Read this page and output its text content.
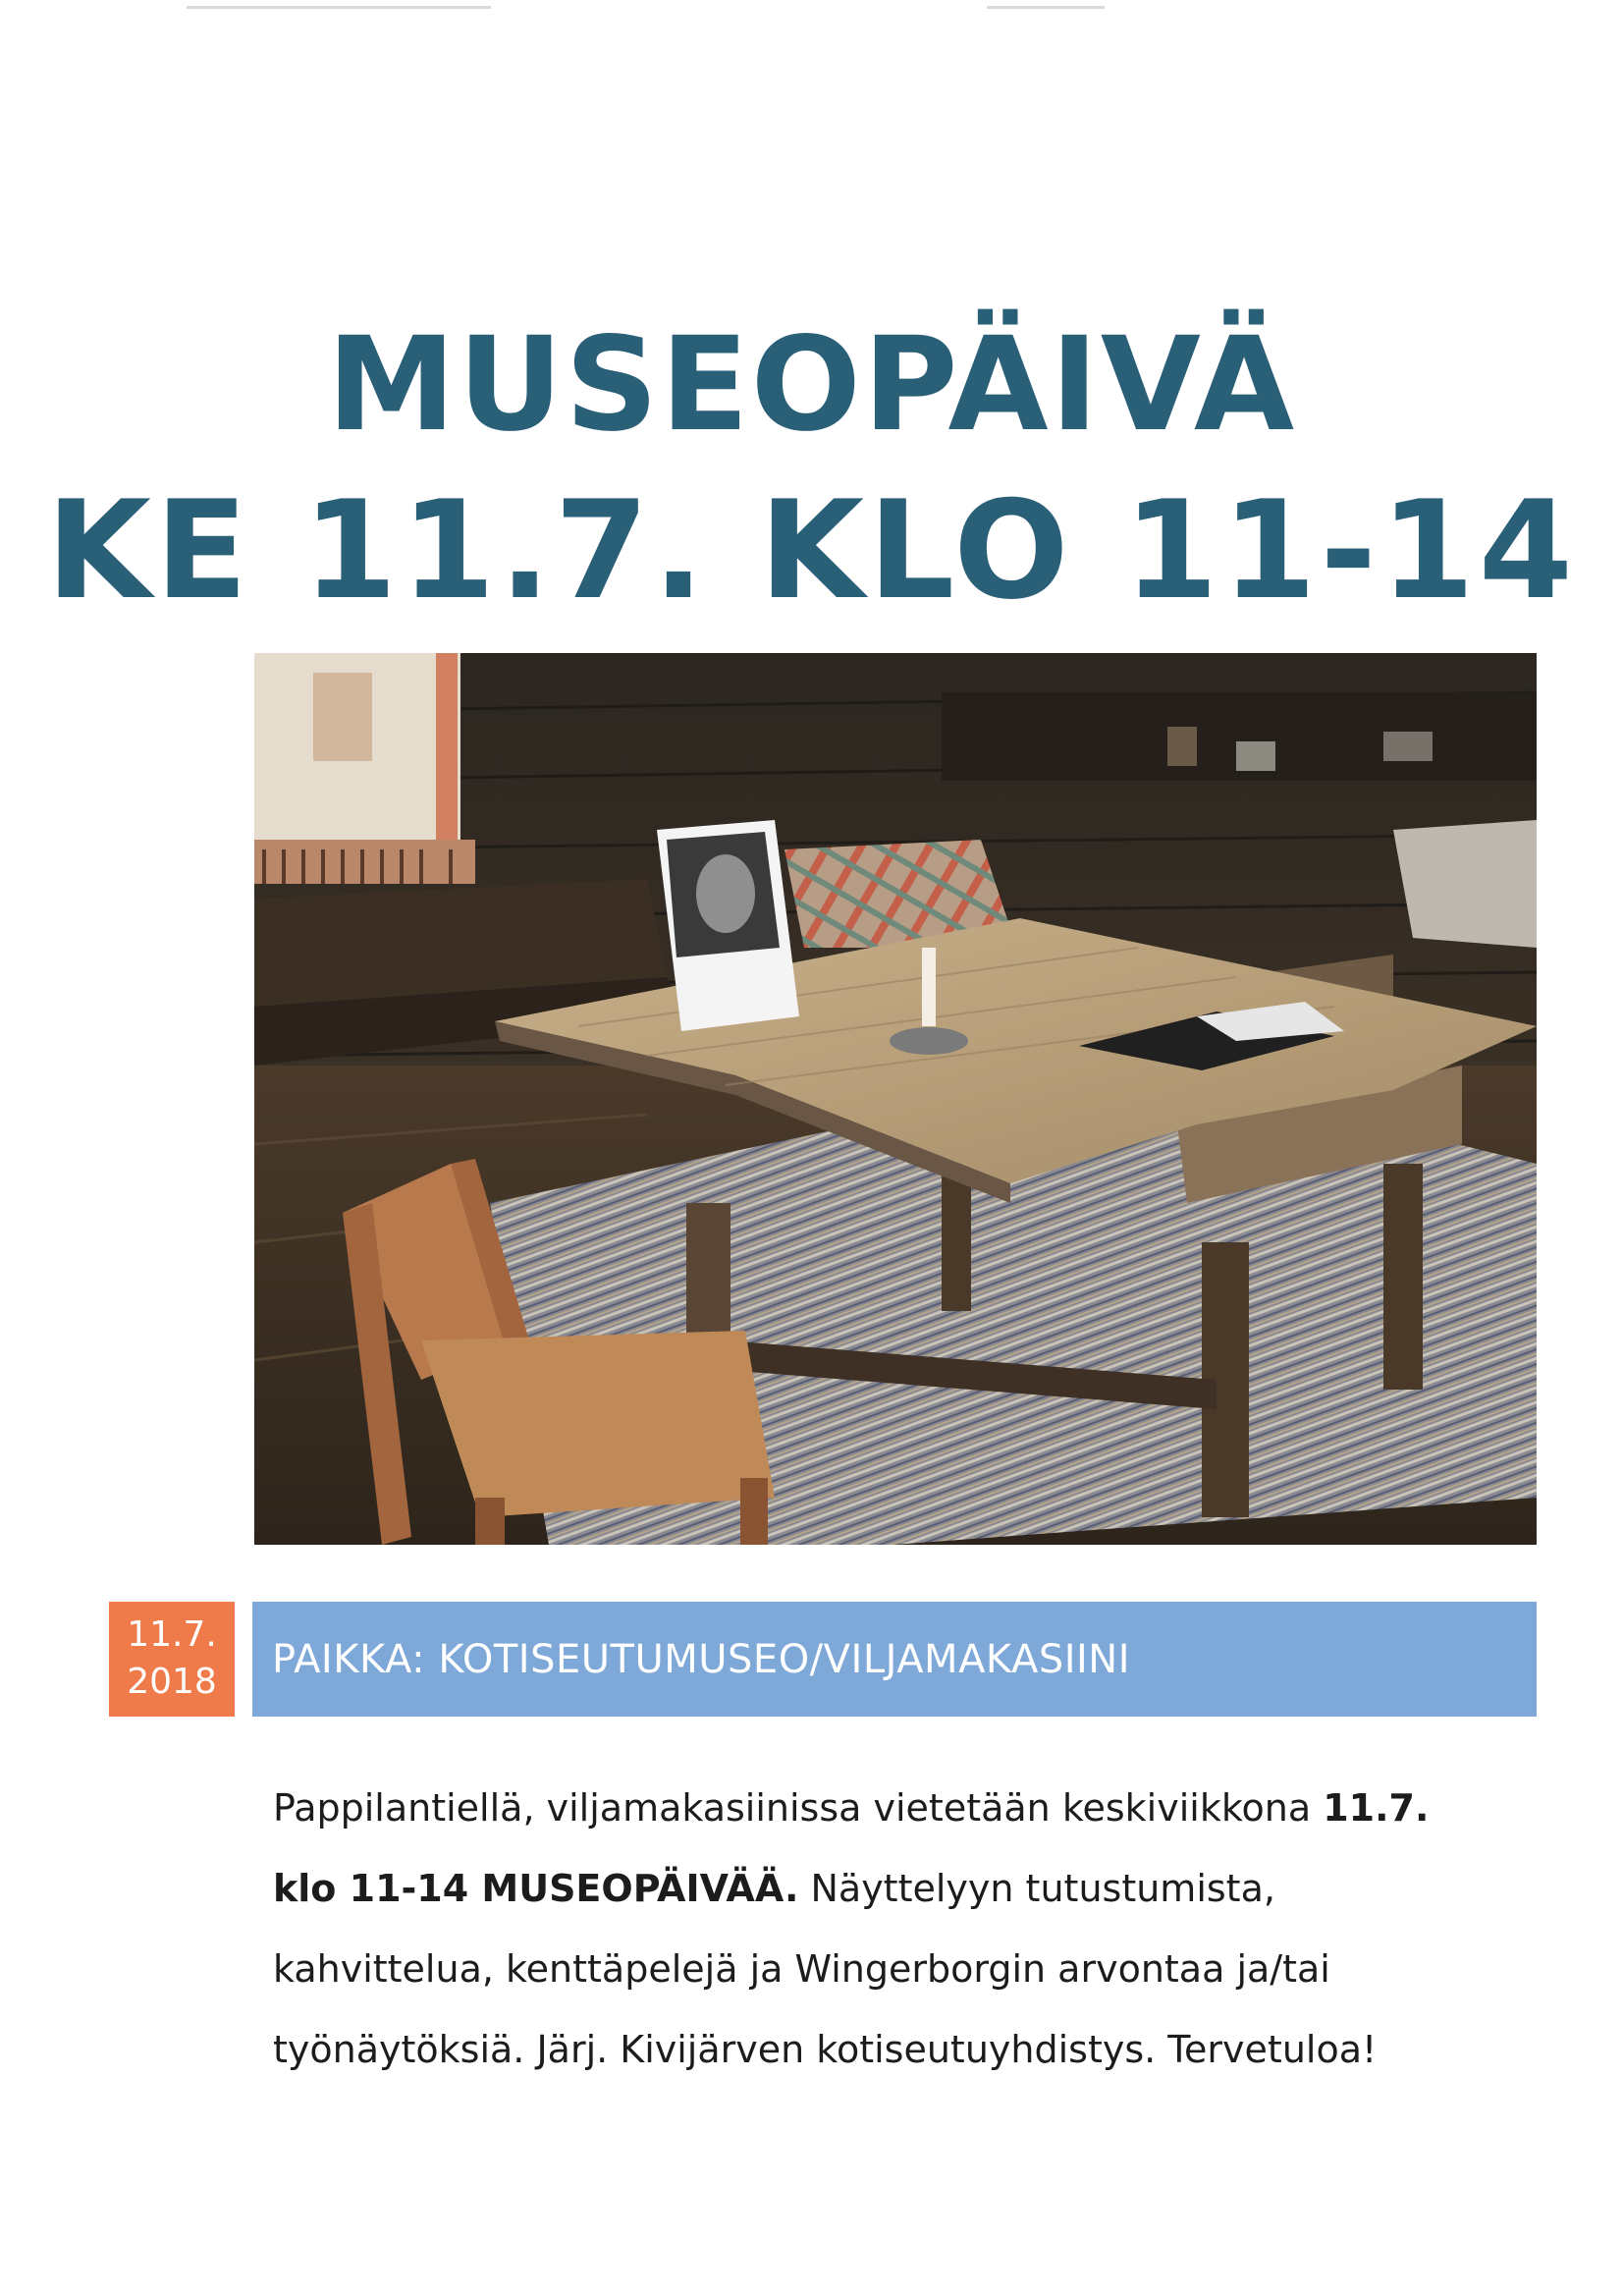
MUSEOPÄIVÄ
KE 11.7. KLO 11-14
11.7.
2018	PAIKKA: KOTISEUTUMUSEO/VILJAMAKASIINI

Pappilantiellä, viljamakasiinissa vietetään keskiviikkona 11.7.

klo 11-14 MUSEOPÄIVÄÄ. Näyttelyyn tutustumista,

kahvittelua, kenttäpelejä ja Wingerborgin arvontaa ja/tai

työnäytöksiä. Järj. Kivijärven kotiseutuyhdistys. Tervetuloa!
